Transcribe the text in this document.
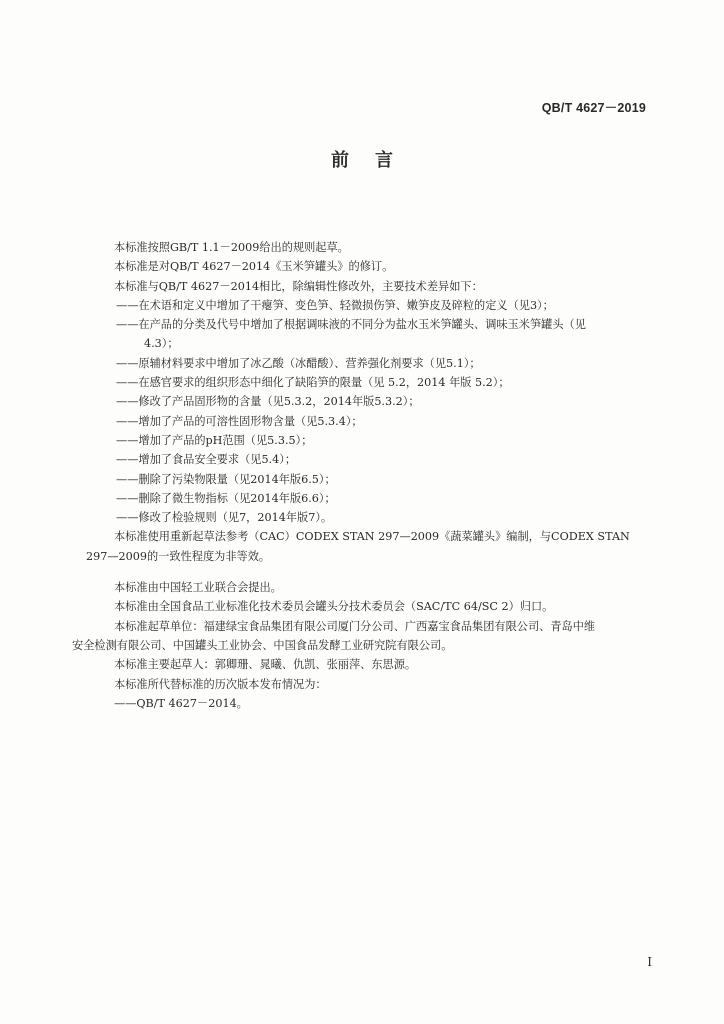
QB/T 4627－2019
前言
本标准按照GB/T 1.1－2009给出的规则起草。
本标准是对QB/T 4627－2014《玉米笋罐头》的修订。
本标准与QB/T 4627－2014相比，除编辑性修改外，主要技术差异如下：
——在术语和定义中增加了干瘪笋、变色笋、轻微损伤笋、嫩笋皮及碎粒的定义（见3）；
——在产品的分类及代号中增加了根据调味液的不同分为盐水玉米笋罐头、调味玉米笋罐头（见
4.3）；
——原辅材料要求中增加了冰乙酸（冰醋酸）、营养强化剂要求（见5.1）；
——在感官要求的组织形态中细化了缺陷笋的限量（见 5.2，2014 年版 5.2）；
——修改了产品固形物的含量（见5.3.2，2014年版5.3.2）；
——增加了产品的可溶性固形物含量（见5.3.4）；
——增加了产品的pH范围（见5.3.5）；
——增加了食品安全要求（见5.4）；
——删除了污染物限量（见2014年版6.5）；
——删除了微生物指标（见2014年版6.6）；
——修改了检验规则（见7，2014年版7）。
本标准使用重新起草法参考（CAC）CODEX STAN 297—2009《蔬菜罐头》编制，与CODEX STAN
297—2009的一致性程度为非等效。
本标准由中国轻工业联合会提出。
本标准由全国食品工业标准化技术委员会罐头分技术委员会（SAC/TC 64/SC 2）归口。
本标准起草单位：福建绿宝食品集团有限公司厦门分公司、广西嘉宝食品集团有限公司、青岛中维
安全检测有限公司、中国罐头工业协会、中国食品发酵工业研究院有限公司。
本标准主要起草人：郭卿珊、晁曦、仇凯、张丽萍、东思源。
本标准所代替标准的历次版本发布情况为：
——QB/T 4627－2014。
I
